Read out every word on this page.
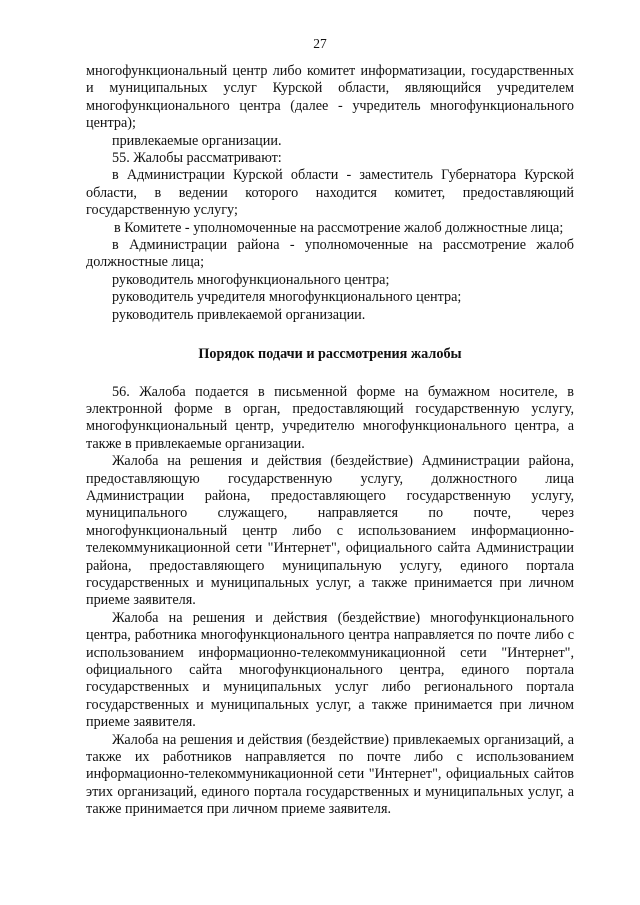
27

многофункциональный центр либо комитет информатизации, государственных и муниципальных услуг Курской области, являющийся учредителем многофункционального центра (далее - учредитель многофункционального центра);

привлекаемые организации.

55. Жалобы рассматривают:

в Администрации Курской области - заместитель Губернатора Курской области, в ведении которого находится комитет, предоставляющий государственную услугу;

в Комитете - уполномоченные на рассмотрение жалоб должностные лица;

в Администрации района - уполномоченные на рассмотрение жалоб должностные лица;

руководитель многофункционального центра;

руководитель учредителя многофункционального центра;

руководитель привлекаемой организации.

Порядок подачи и рассмотрения жалобы

56. Жалоба подается в письменной форме на бумажном носителе, в электронной форме в орган, предоставляющий государственную услугу, многофункциональный центр, учредителю многофункционального центра, а также в привлекаемые организации.

Жалоба на решения и действия (бездействие) Администрации района, предоставляющую государственную услугу, должностного лица Администрации района, предоставляющего государственную услугу, муниципального служащего, направляется по почте, через многофункциональный центр либо с использованием информационно-телекоммуникационной сети "Интернет", официального сайта Администрации района, предоставляющего муниципальную услугу, единого портала государственных и муниципальных услуг, а также принимается при личном приеме заявителя.

Жалоба на решения и действия (бездействие) многофункционального центра, работника многофункционального центра направляется по почте либо с использованием информационно-телекоммуникационной сети "Интернет", официального сайта многофункционального центра, единого портала государственных и муниципальных услуг либо регионального портала государственных и муниципальных услуг, а также принимается при личном приеме заявителя.

Жалоба на решения и действия (бездействие) привлекаемых организаций, а также их работников направляется по почте либо с использованием информационно-телекоммуникационной сети "Интернет", официальных сайтов этих организаций, единого портала государственных и муниципальных услуг, а также принимается при личном приеме заявителя.
